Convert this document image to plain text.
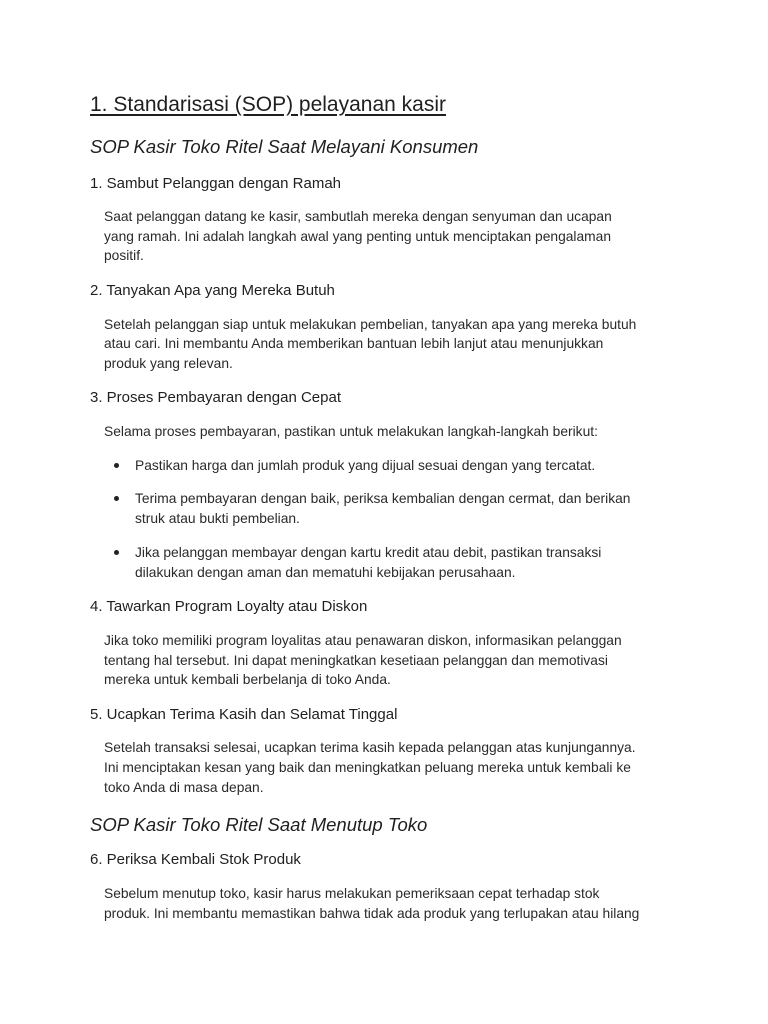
1. Standarisasi (SOP) pelayanan kasir
SOP Kasir Toko Ritel Saat Melayani Konsumen
1. Sambut Pelanggan dengan Ramah
Saat pelanggan datang ke kasir, sambutlah mereka dengan senyuman dan ucapan
yang ramah. Ini adalah langkah awal yang penting untuk menciptakan pengalaman
positif.
2. Tanyakan Apa yang Mereka Butuh
Setelah pelanggan siap untuk melakukan pembelian, tanyakan apa yang mereka butuh
atau cari. Ini membantu Anda memberikan bantuan lebih lanjut atau menunjukkan
produk yang relevan.
3. Proses Pembayaran dengan Cepat
Selama proses pembayaran, pastikan untuk melakukan langkah-langkah berikut:
Pastikan harga dan jumlah produk yang dijual sesuai dengan yang tercatat.
Terima pembayaran dengan baik, periksa kembalian dengan cermat, dan berikan
struk atau bukti pembelian.
Jika pelanggan membayar dengan kartu kredit atau debit, pastikan transaksi
dilakukan dengan aman dan mematuhi kebijakan perusahaan.
4. Tawarkan Program Loyalty atau Diskon
Jika toko memiliki program loyalitas atau penawaran diskon, informasikan pelanggan
tentang hal tersebut. Ini dapat meningkatkan kesetiaan pelanggan dan memotivasi
mereka untuk kembali berbelanja di toko Anda.
5. Ucapkan Terima Kasih dan Selamat Tinggal
Setelah transaksi selesai, ucapkan terima kasih kepada pelanggan atas kunjungannya.
Ini menciptakan kesan yang baik dan meningkatkan peluang mereka untuk kembali ke
toko Anda di masa depan.
SOP Kasir Toko Ritel Saat Menutup Toko
6. Periksa Kembali Stok Produk
Sebelum menutup toko, kasir harus melakukan pemeriksaan cepat terhadap stok
produk. Ini membantu memastikan bahwa tidak ada produk yang terlupakan atau hilang
